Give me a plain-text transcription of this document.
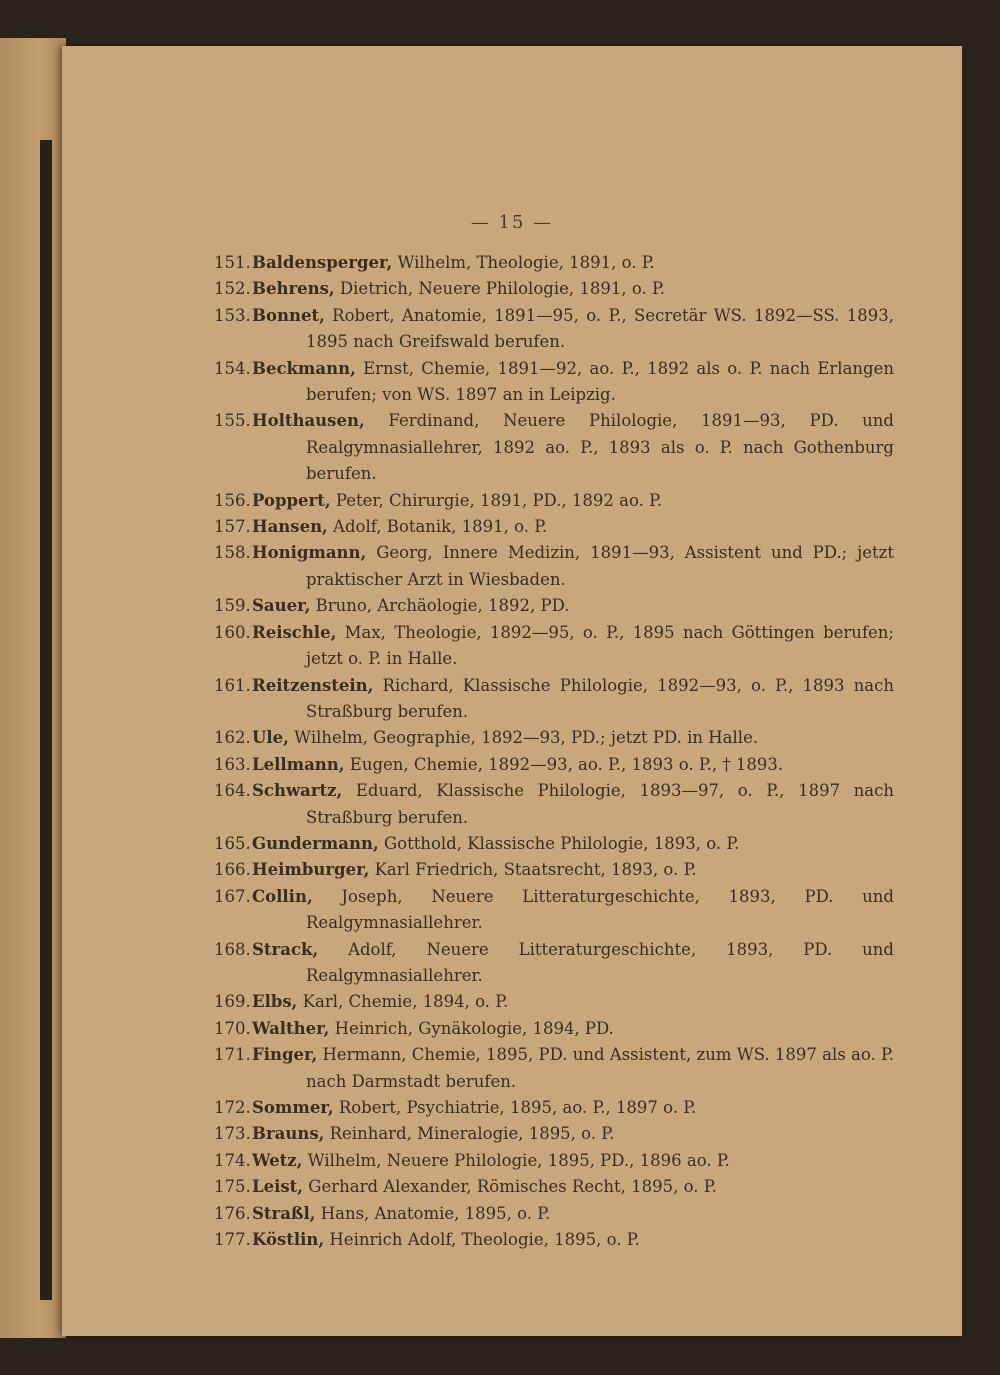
— 15 —
151.Baldensperger, Wilhelm, Theologie, 1891, o. P.
152.Behrens, Dietrich, Neuere Philologie, 1891, o. P.
153.Bonnet, Robert, Anatomie, 1891—95, o. P., Secretär WS. 1892—SS. 1893, 1895 nach Greifswald berufen.
154.Beckmann, Ernst, Chemie, 1891—92, ao. P., 1892 als o. P. nach Erlangen berufen; von WS. 1897 an in Leipzig.
155.Holthausen, Ferdinand, Neuere Philologie, 1891—93, PD. und Realgymnasiallehrer, 1892 ao. P., 1893 als o. P. nach Gothenburg berufen.
156.Poppert, Peter, Chirurgie, 1891, PD., 1892 ao. P.
157.Hansen, Adolf, Botanik, 1891, o. P.
158.Honigmann, Georg, Innere Medizin, 1891—93, Assistent und PD.; jetzt praktischer Arzt in Wiesbaden.
159.Sauer, Bruno, Archäologie, 1892, PD.
160.Reischle, Max, Theologie, 1892—95, o. P., 1895 nach Göttingen berufen; jetzt o. P. in Halle.
161.Reitzenstein, Richard, Klassische Philologie, 1892—93, o. P., 1893 nach Straßburg berufen.
162.Ule, Wilhelm, Geographie, 1892—93, PD.; jetzt PD. in Halle.
163.Lellmann, Eugen, Chemie, 1892—93, ao. P., 1893 o. P., † 1893.
164.Schwartz, Eduard, Klassische Philologie, 1893—97, o. P., 1897 nach Straßburg berufen.
165.Gundermann, Gotthold, Klassische Philologie, 1893, o. P.
166.Heimburger, Karl Friedrich, Staatsrecht, 1893, o. P.
167.Collin, Joseph, Neuere Litteraturgeschichte, 1893, PD. und Realgymnasiallehrer.
168.Strack, Adolf, Neuere Litteraturgeschichte, 1893, PD. und Realgymnasiallehrer.
169.Elbs, Karl, Chemie, 1894, o. P.
170.Walther, Heinrich, Gynäkologie, 1894, PD.
171.Finger, Hermann, Chemie, 1895, PD. und Assistent, zum WS. 1897 als ao. P. nach Darmstadt berufen.
172.Sommer, Robert, Psychiatrie, 1895, ao. P., 1897 o. P.
173.Brauns, Reinhard, Mineralogie, 1895, o. P.
174.Wetz, Wilhelm, Neuere Philologie, 1895, PD., 1896 ao. P.
175.Leist, Gerhard Alexander, Römisches Recht, 1895, o. P.
176.Straßl, Hans, Anatomie, 1895, o. P.
177.Köstlin, Heinrich Adolf, Theologie, 1895, o. P.
